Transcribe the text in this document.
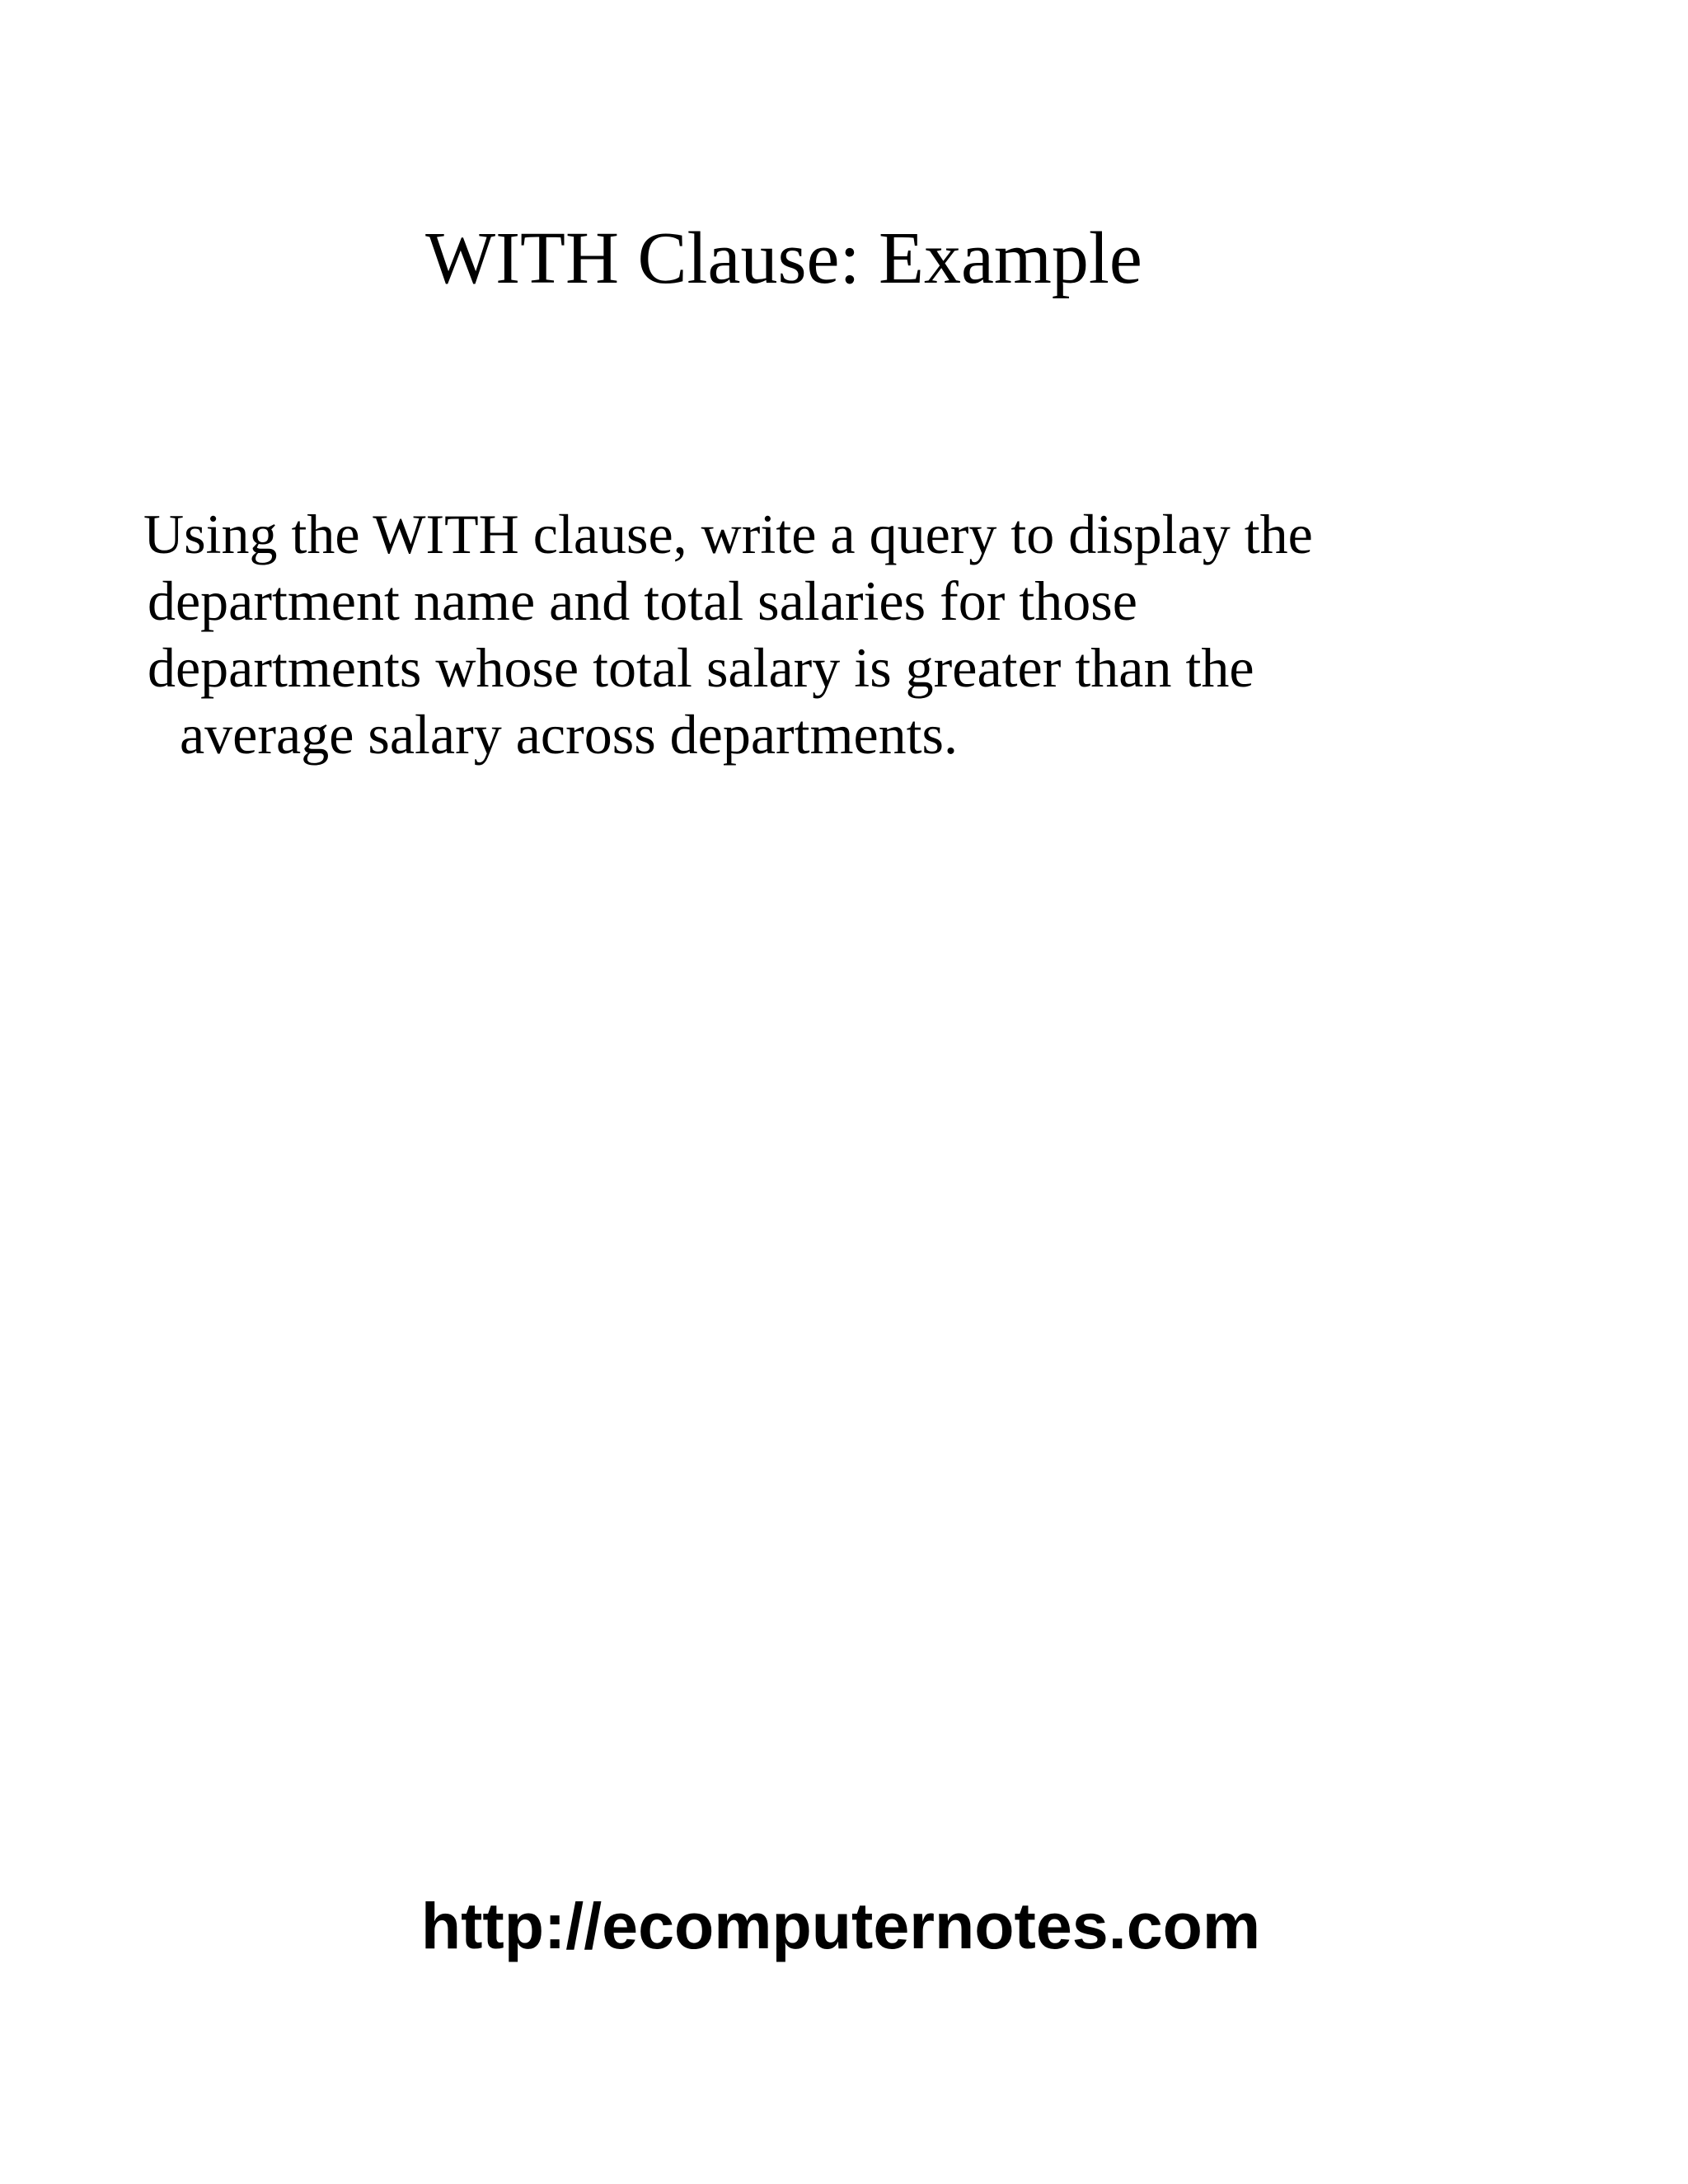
WITH Clause: Example
Using the WITH clause, write a query to display the
department name and total salaries for those
departments whose total salary is greater than the
average salary across departments.
http://ecomputernotes.com
